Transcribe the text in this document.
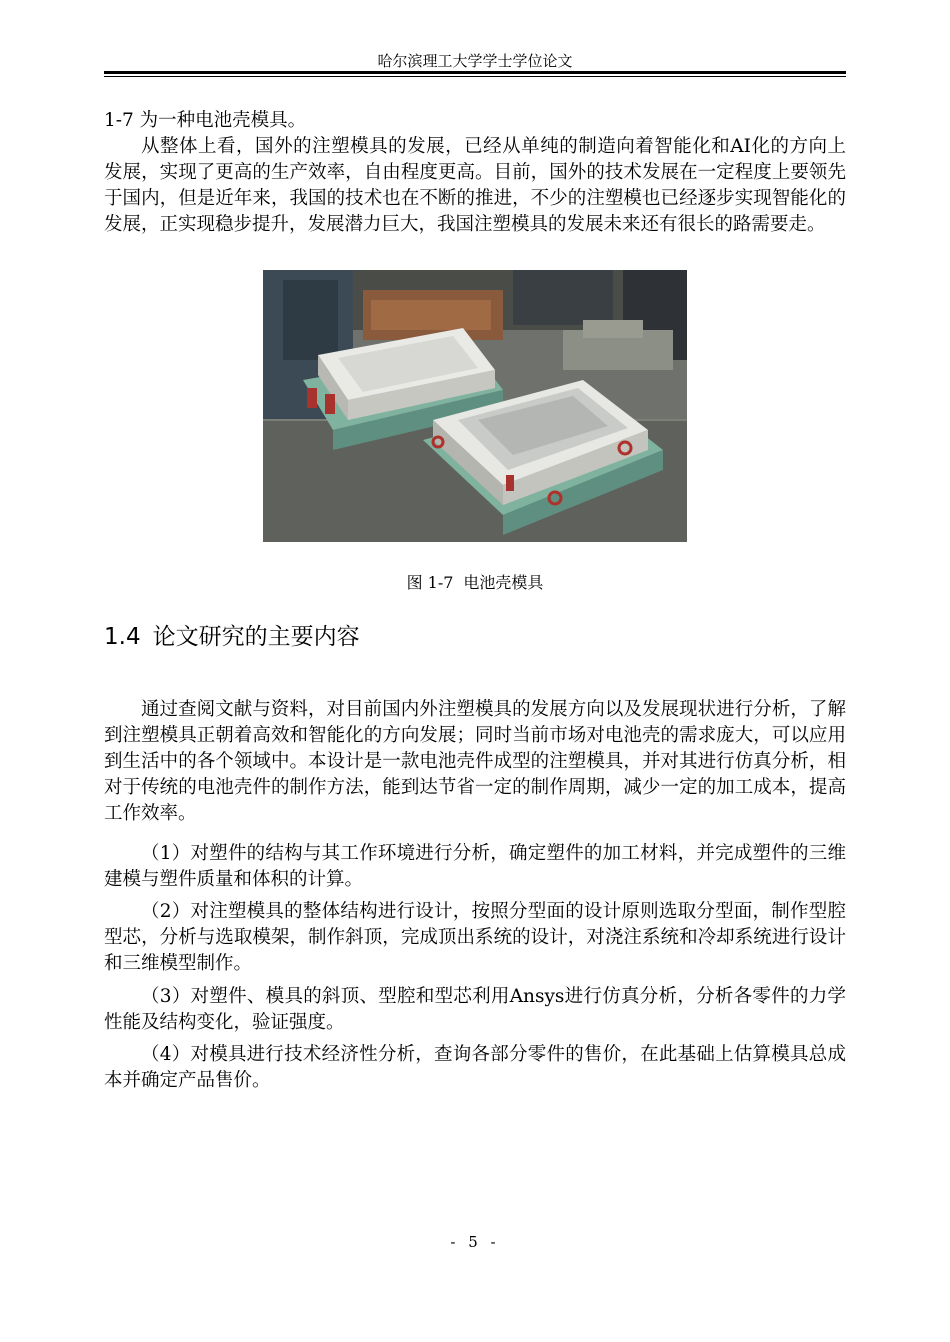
哈尔滨理工大学学士学位论文

1-7 为一种电池壳模具。

从整体上看，国外的注塑模具的发展，已经从单纯的制造向着智能化和AI化的方向上发展，实现了更高的生产效率，自由程度更高。目前，国外的技术发展在一定程度上要领先于国内，但是近年来，我国的技术也在不断的推进，不少的注塑模也已经逐步实现智能化的发展，正实现稳步提升，发展潜力巨大，我国注塑模具的发展未来还有很长的路需要走。

图 1-7 电池壳模具
1.4 论文研究的主要内容

通过查阅文献与资料，对目前国内外注塑模具的发展方向以及发展现状进行分析，了解到注塑模具正朝着高效和智能化的方向发展；同时当前市场对电池壳的需求庞大，可以应用到生活中的各个领域中。本设计是一款电池壳件成型的注塑模具，并对其进行仿真分析，相对于传统的电池壳件的制作方法，能到达节省一定的制作周期，减少一定的加工成本，提高工作效率。

（1）对塑件的结构与其工作环境进行分析，确定塑件的加工材料，并完成塑件的三维建模与塑件质量和体积的计算。

（2）对注塑模具的整体结构进行设计，按照分型面的设计原则选取分型面，制作型腔型芯，分析与选取模架，制作斜顶，完成顶出系统的设计，对浇注系统和冷却系统进行设计和三维模型制作。

（3）对塑件、模具的斜顶、型腔和型芯利用Ansys进行仿真分析，分析各零件的力学性能及结构变化，验证强度。

（4）对模具进行技术经济性分析，查询各部分零件的售价，在此基础上估算模具总成本并确定产品售价。

- 5 -
